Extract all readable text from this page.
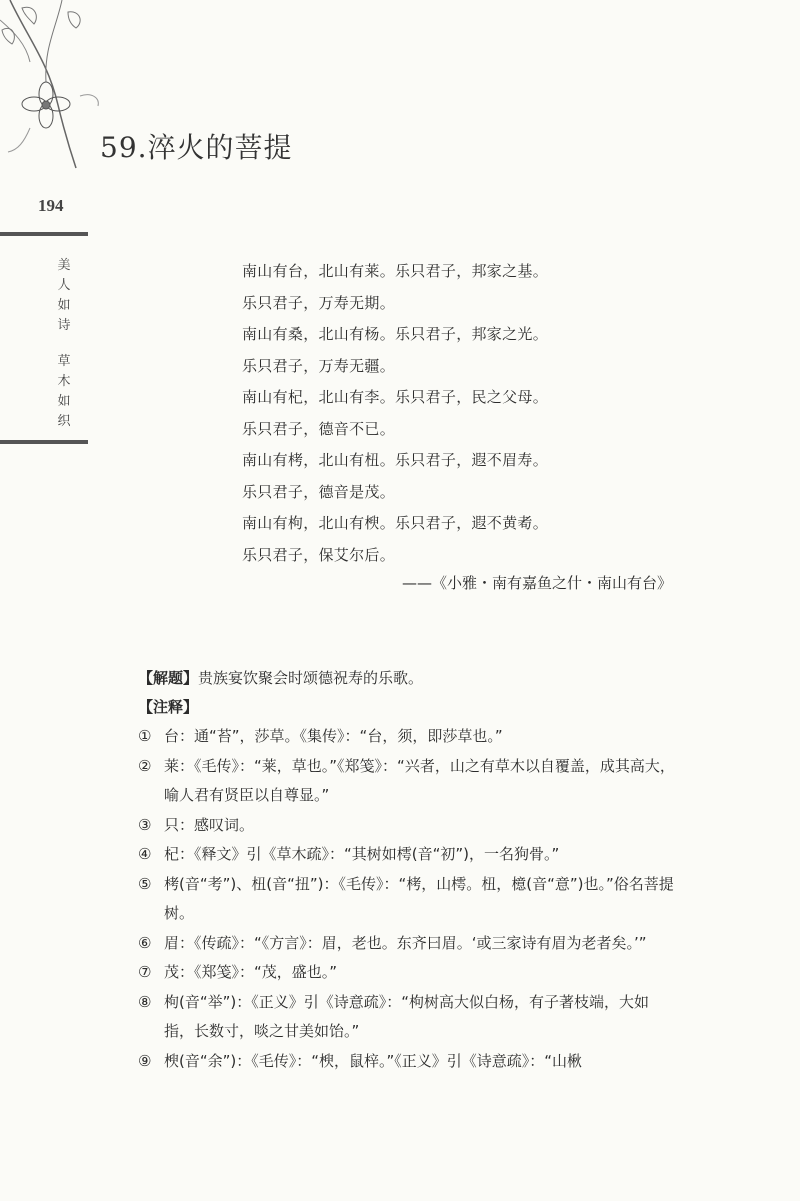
59.淬火的菩提
194
美
人
如
诗
草
木
如
织
南山有台，北山有莱。乐只君子，邦家之基。
乐只君子，万寿无期。
南山有桑，北山有杨。乐只君子，邦家之光。
乐只君子，万寿无疆。
南山有杞，北山有李。乐只君子，民之父母。
乐只君子，德音不已。
南山有栲，北山有杻。乐只君子，遐不眉寿。
乐只君子，德音是茂。
南山有枸，北山有楰。乐只君子，遐不黄耇。
乐只君子，保艾尔后。
——《小雅・南有嘉鱼之什・南山有台》
【解题】贵族宴饮聚会时颂德祝寿的乐歌。
【注释】
① 台：通“苔”，莎草。《集传》：“台，须，即莎草也。”
② 莱：《毛传》：“莱，草也。”《郑笺》：“兴者，山之有草木以自覆盖，成其高大，喻人君有贤臣以自尊显。”
③ 只：感叹词。
④ 杞：《释文》引《草木疏》：“其树如樗(音“初”)，一名狗骨。”
⑤ 栲(音“考”)、杻(音“扭”)：《毛传》：“栲，山樗。杻，檍(音“意”)也。”俗名菩提树。
⑥ 眉：《传疏》：“《方言》：眉，老也。东齐曰眉。‘或三家诗有眉为老者矣。’”
⑦ 茂：《郑笺》：“茂，盛也。”
⑧ 枸(音“举”)：《正义》引《诗意疏》：“枸树高大似白杨，有子著枝端，大如指，长数寸，啖之甘美如饴。”
⑨ 楰(音“余”)：《毛传》：“楰，鼠梓。”《正义》引《诗意疏》：“山楸
